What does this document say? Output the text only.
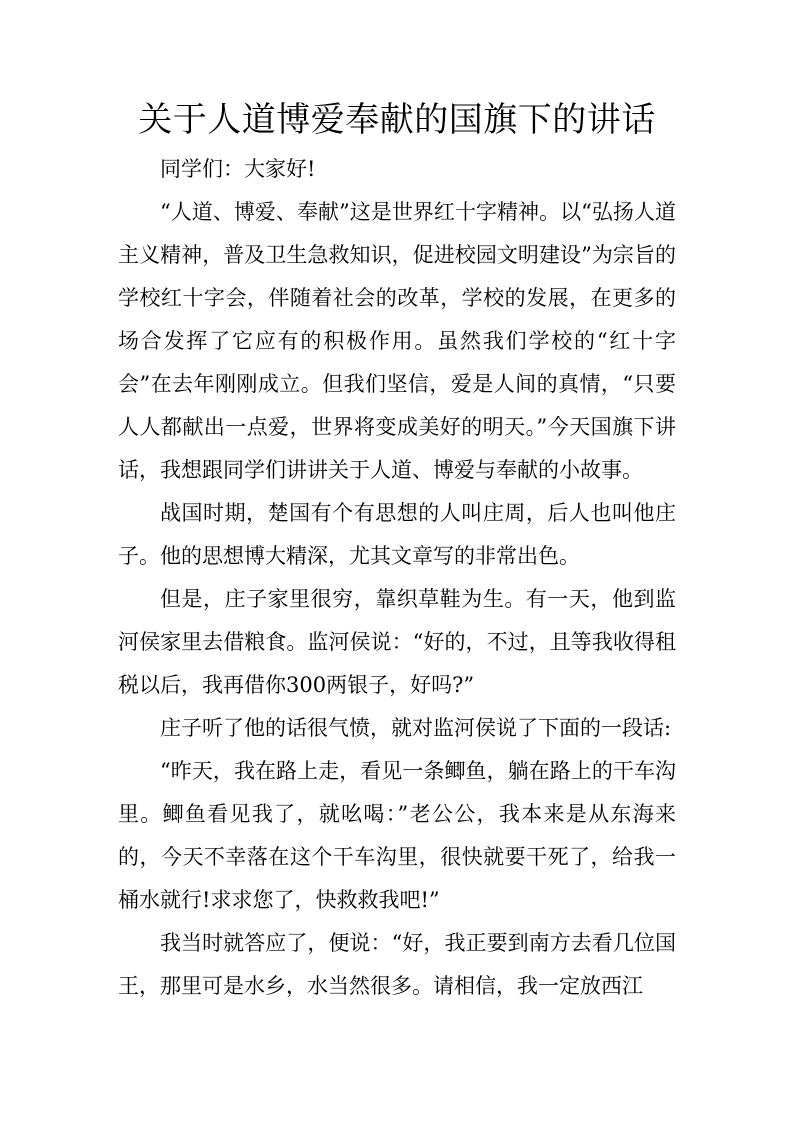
关于人道博爱奉献的国旗下的讲话

同学们：大家好!

“人道、博爱、奉献”这是世界红十字精神。以“弘扬人道主义精神，普及卫生急救知识，促进校园文明建设”为宗旨的学校红十字会，伴随着社会的改革，学校的发展，在更多的场合发挥了它应有的积极作用。虽然我们学校的“红十字会”在去年刚刚成立。但我们坚信，爱是人间的真情，“只要人人都献出一点爱，世界将变成美好的明天。”今天国旗下讲话，我想跟同学们讲讲关于人道、博爱与奉献的小故事。

战国时期，楚国有个有思想的人叫庄周，后人也叫他庄子。他的思想博大精深，尤其文章写的非常出色。

但是，庄子家里很穷，靠织草鞋为生。有一天，他到监河侯家里去借粮食。监河侯说：“好的，不过，且等我收得租税以后，我再借你300两银子，好吗?”

庄子听了他的话很气愤，就对监河侯说了下面的一段话:

“昨天，我在路上走，看见一条鲫鱼，躺在路上的干车沟里。鲫鱼看见我了，就吆喝：”老公公，我本来是从东海来的，今天不幸落在这个干车沟里，很快就要干死了，给我一桶水就行!求求您了，快救救我吧!”

我当时就答应了，便说：“好，我正要到南方去看几位国王，那里可是水乡，水当然很多。请相信，我一定放西江
